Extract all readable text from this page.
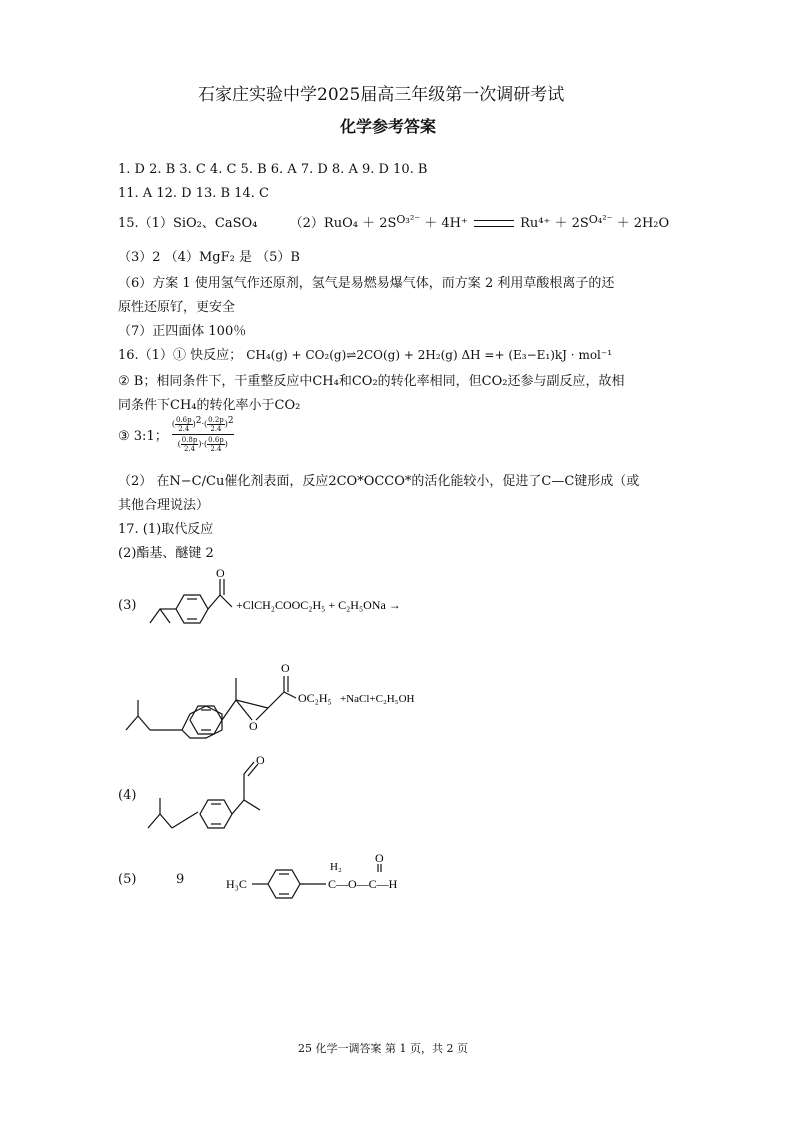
石家庄实验中学2025届高三年级第一次调研考试
化学参考答案
1. D 2. B 3. C 4. C 5. B 6. A 7. D 8. A 9. D 10. B
11. A 12. D 13. B 14. C
15.（1）SiO₂、CaSO₄ $(2)RuO_4 + 2S^{O_3^{2-}} + 4H^+$	$Ru^{4+} + 2S^{O_4^{2-}} + 2H_2O$
（3）2 （4）MgF₂ 是 （5）B
（6）方案 1 使用氢气作还原剂，氢气是易燃易爆气体，而方案 2 利用草酸根离子的还
原性还原钌，更安全
（7）正四面体 100％
16.（1）① 快反应； CH₄(g) + CO₂(g)⇌2CO(g) + 2H₂(g) ΔH =+ (E₃−E₁)kJ · mol⁻¹
② B；相同条件下，干重整反应中CH₄和CO₂的转化率相同，但CO₂还参与副反应，故相
同条件下CH₄的转化率小于CO₂
③ 3:1； $\frac{( \frac{0.6p}{2.4})^2\cdot( \frac{0.2p}{2.4})^2}{( \frac{0.8p}{2.4})\cdot( \frac{0.6p}{2.4})}$
（2） 在N−C/Cu催化剂表面，反应2CO*OCCO*的活化能较小，促进了C—C键形成（或
其他合理说法）
17. (1)取代反应
(2)酯基、醚键 2
(3)
(4)
(5)	9
O
+ClCH₂COOC₂H₅ + C₂H₅ONa →
O
O
OC₂H₅ +NaCl+C₂H₅OH
O
H₃C
H₂
C—O—C—H
O
25 化学一调答案 第 1 页，共 2 页
